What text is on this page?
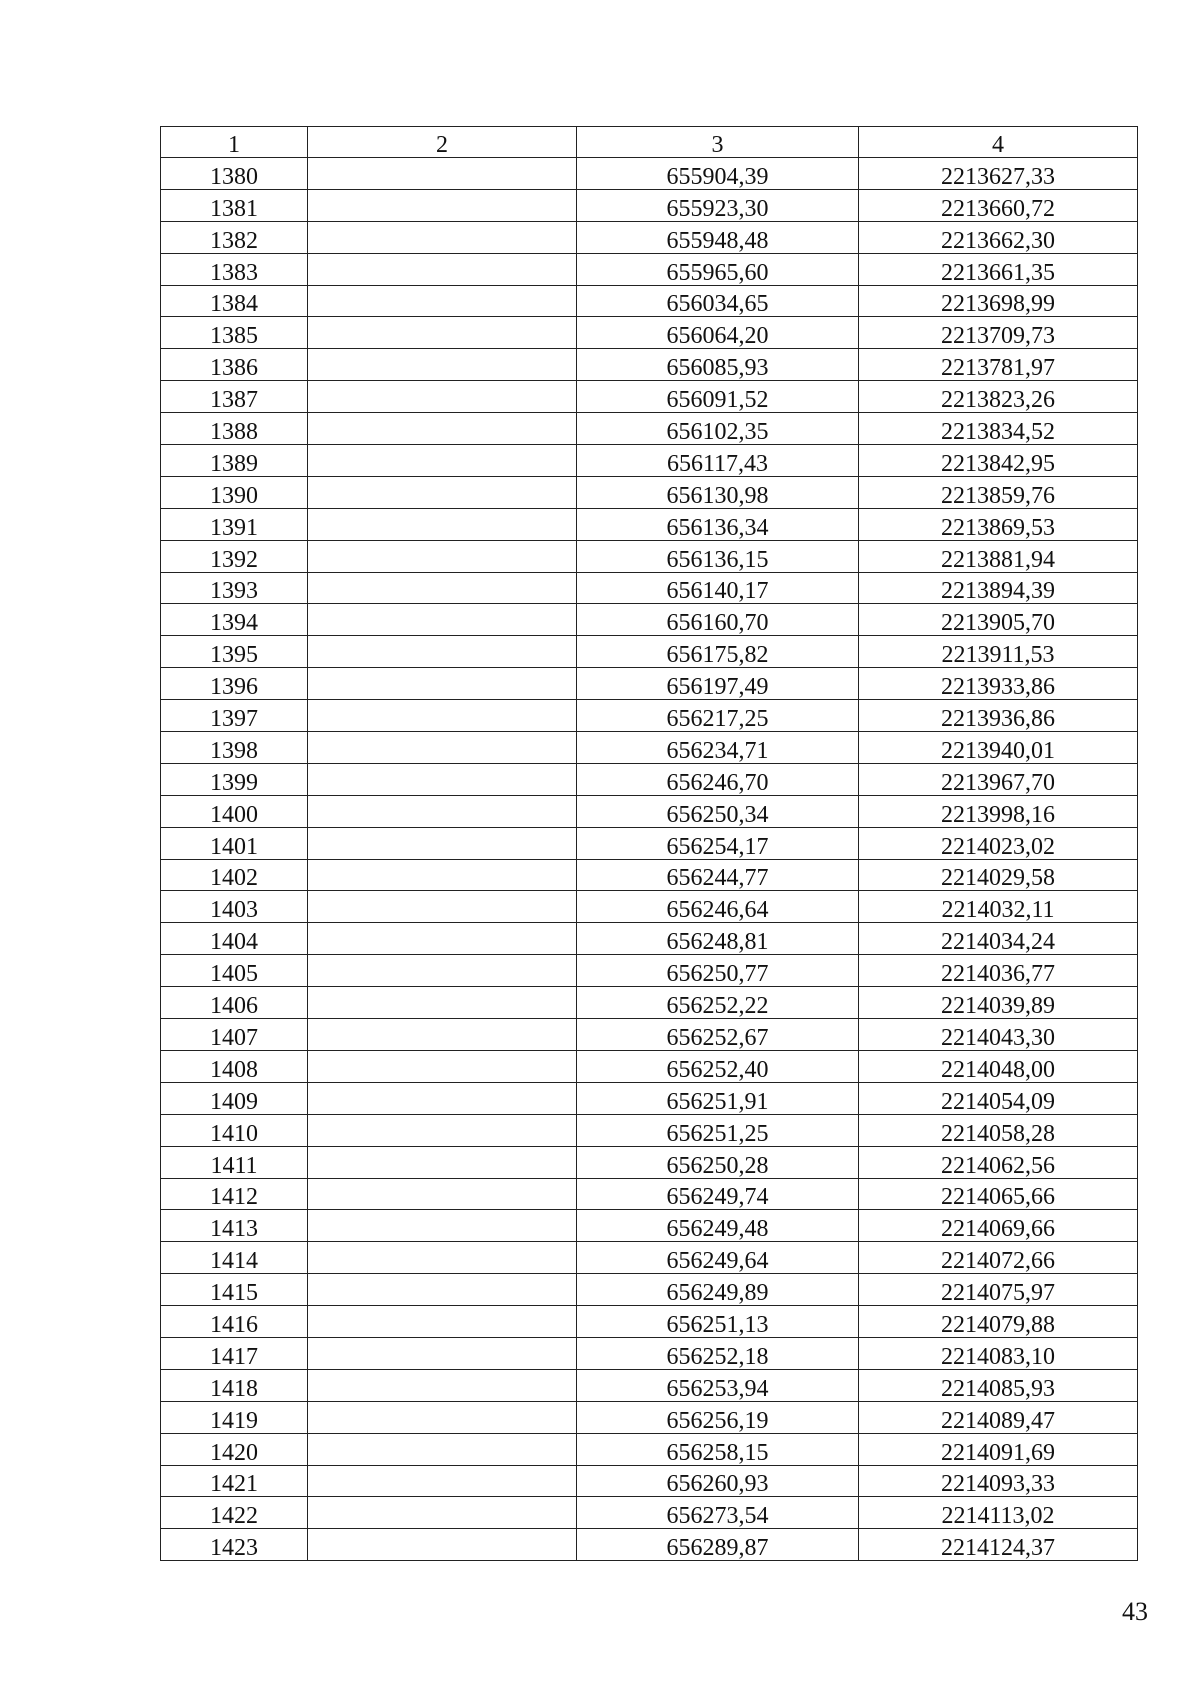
1	2	3	4
1380		655904,39	2213627,33
1381		655923,30	2213660,72
1382		655948,48	2213662,30
1383		655965,60	2213661,35
1384		656034,65	2213698,99
1385		656064,20	2213709,73
1386		656085,93	2213781,97
1387		656091,52	2213823,26
1388		656102,35	2213834,52
1389		656117,43	2213842,95
1390		656130,98	2213859,76
1391		656136,34	2213869,53
1392		656136,15	2213881,94
1393		656140,17	2213894,39
1394		656160,70	2213905,70
1395		656175,82	2213911,53
1396		656197,49	2213933,86
1397		656217,25	2213936,86
1398		656234,71	2213940,01
1399		656246,70	2213967,70
1400		656250,34	2213998,16
1401		656254,17	2214023,02
1402		656244,77	2214029,58
1403		656246,64	2214032,11
1404		656248,81	2214034,24
1405		656250,77	2214036,77
1406		656252,22	2214039,89
1407		656252,67	2214043,30
1408		656252,40	2214048,00
1409		656251,91	2214054,09
1410		656251,25	2214058,28
1411		656250,28	2214062,56
1412		656249,74	2214065,66
1413		656249,48	2214069,66
1414		656249,64	2214072,66
1415		656249,89	2214075,97
1416		656251,13	2214079,88
1417		656252,18	2214083,10
1418		656253,94	2214085,93
1419		656256,19	2214089,47
1420		656258,15	2214091,69
1421		656260,93	2214093,33
1422		656273,54	2214113,02
1423		656289,87	2214124,37
43
